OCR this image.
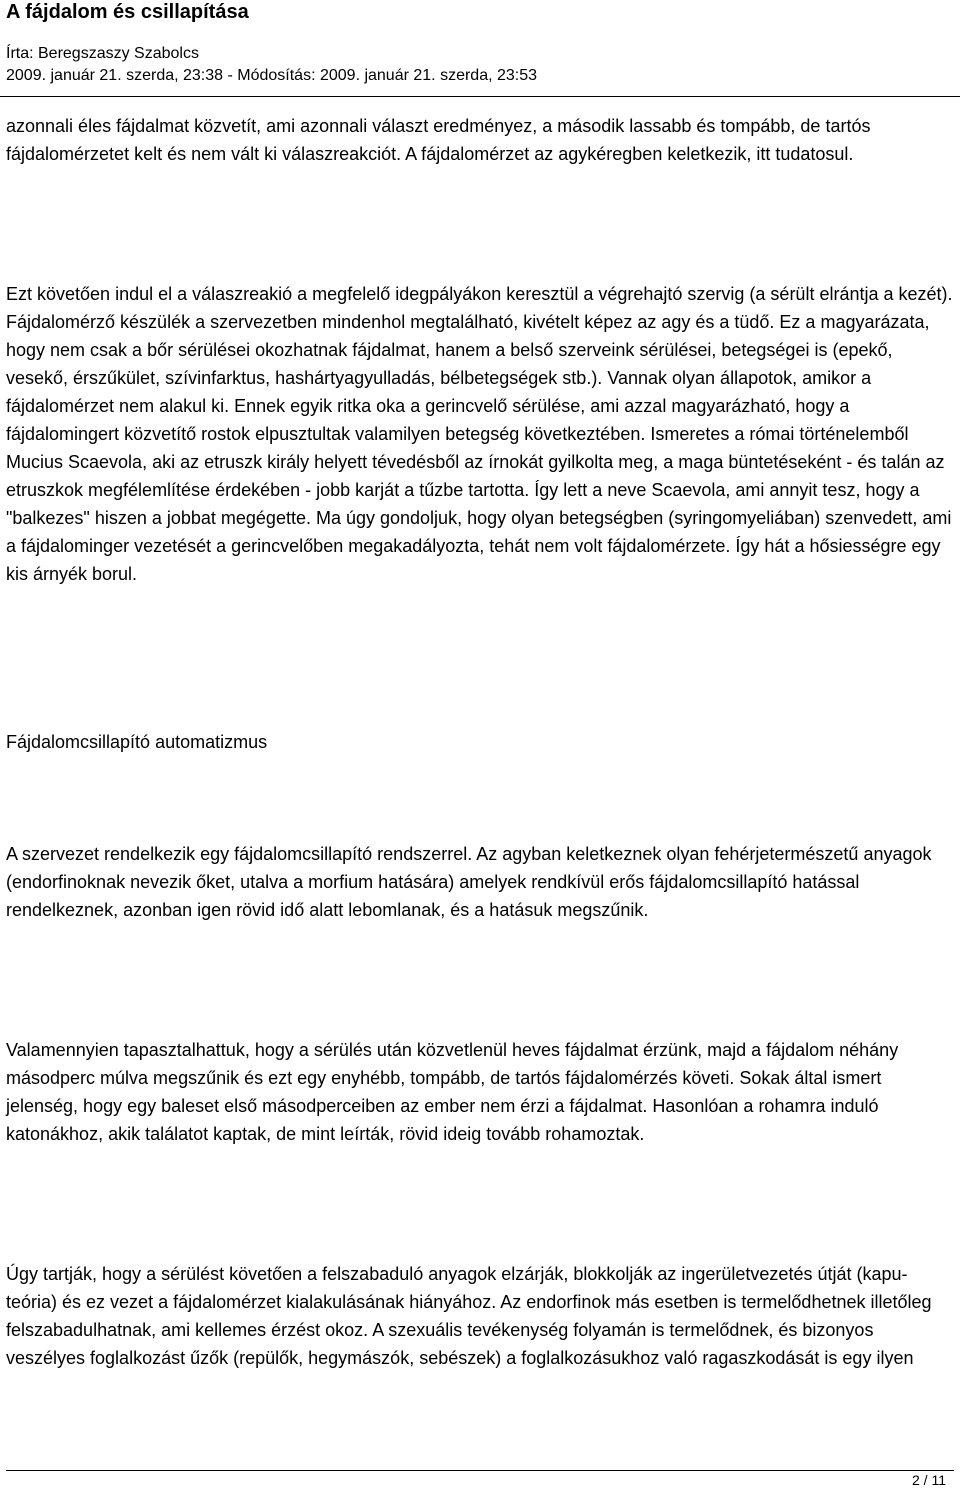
A fájdalom és csillapítása

Írta: Beregszaszy Szabolcs

2009. január 21. szerda, 23:38 - Módosítás: 2009. január 21. szerda, 23:53

azonnali éles fájdalmat közvetít, ami azonnali választ eredményez, a második lassabb és tompább, de tartós fájdalomérzetet kelt és nem vált ki válaszreakciót. A fájdalomérzet az agykéregben keletkezik, itt tudatosul.

Ezt követően indul el a válaszreakió a megfelelő idegpályákon keresztül a végrehajtó szervig (a sérült elrántja a kezét). Fájdalomérző készülék a szervezetben mindenhol megtalálható, kivételt képez az agy és a tüdő. Ez a magyarázata, hogy nem csak a bőr sérülései okozhatnak fájdalmat, hanem a belső szerveink sérülései, betegségei is (epekő, vesekő, érszűkület, szívinfarktus, hashártyagyulladás, bélbetegségek stb.). Vannak olyan állapotok, amikor a fájdalomérzet nem alakul ki. Ennek egyik ritka oka a gerincvelő sérülése, ami azzal magyarázható, hogy a fájdalomingert közvetítő rostok elpusztultak valamilyen betegség következtében. Ismeretes a római történelemből Mucius Scaevola, aki az etruszk király helyett tévedésből az írnokát gyilkolta meg, a maga büntetéseként - és talán az etruszkok megfélemlítése érdekében - jobb karját a tűzbe tartotta. Így lett a neve Scaevola, ami annyit tesz, hogy a "balkezes" hiszen a jobbat megégette. Ma úgy gondoljuk, hogy olyan betegségben (syringomyeliában) szenvedett, ami a fájdalominger vezetését a gerincvelőben megakadályozta, tehát nem volt fájdalomérzete. Így hát a hősiességre egy kis árnyék borul.

Fájdalomcsillapító automatizmus

A szervezet rendelkezik egy fájdalomcsillapító rendszerrel. Az agyban keletkeznek olyan fehérjetermészetű anyagok (endorfinoknak nevezik őket, utalva a morfium hatására) amelyek rendkívül erős fájdalomcsillapító hatással rendelkeznek, azonban igen rövid idő alatt lebomlanak, és a hatásuk megszűnik.

Valamennyien tapasztalhattuk, hogy a sérülés után közvetlenül heves fájdalmat érzünk, majd a fájdalom néhány másodperc múlva megszűnik és ezt egy enyhébb, tompább, de tartós fájdalomérzés követi. Sokak által ismert jelenség, hogy egy baleset első másodperceiben az ember nem érzi a fájdalmat. Hasonlóan a rohamra induló katonákhoz, akik találatot kaptak, de mint leírták, rövid ideig tovább rohamoztak.

Úgy tartják, hogy a sérülést követően a felszabaduló anyagok elzárják, blokkolják az ingerületvezetés útját (kapu-teória) és ez vezet a fájdalomérzet kialakulásának hiányához. Az endorfinok más esetben is termelődhetnek illetőleg felszabadulhatnak, ami kellemes érzést okoz. A szexuális tevékenység folyamán is termelődnek, és bizonyos veszélyes foglalkozást űzők (repülők, hegymászók, sebészek) a foglalkozásukhoz való ragaszkodását is egy ilyen

2 / 11
